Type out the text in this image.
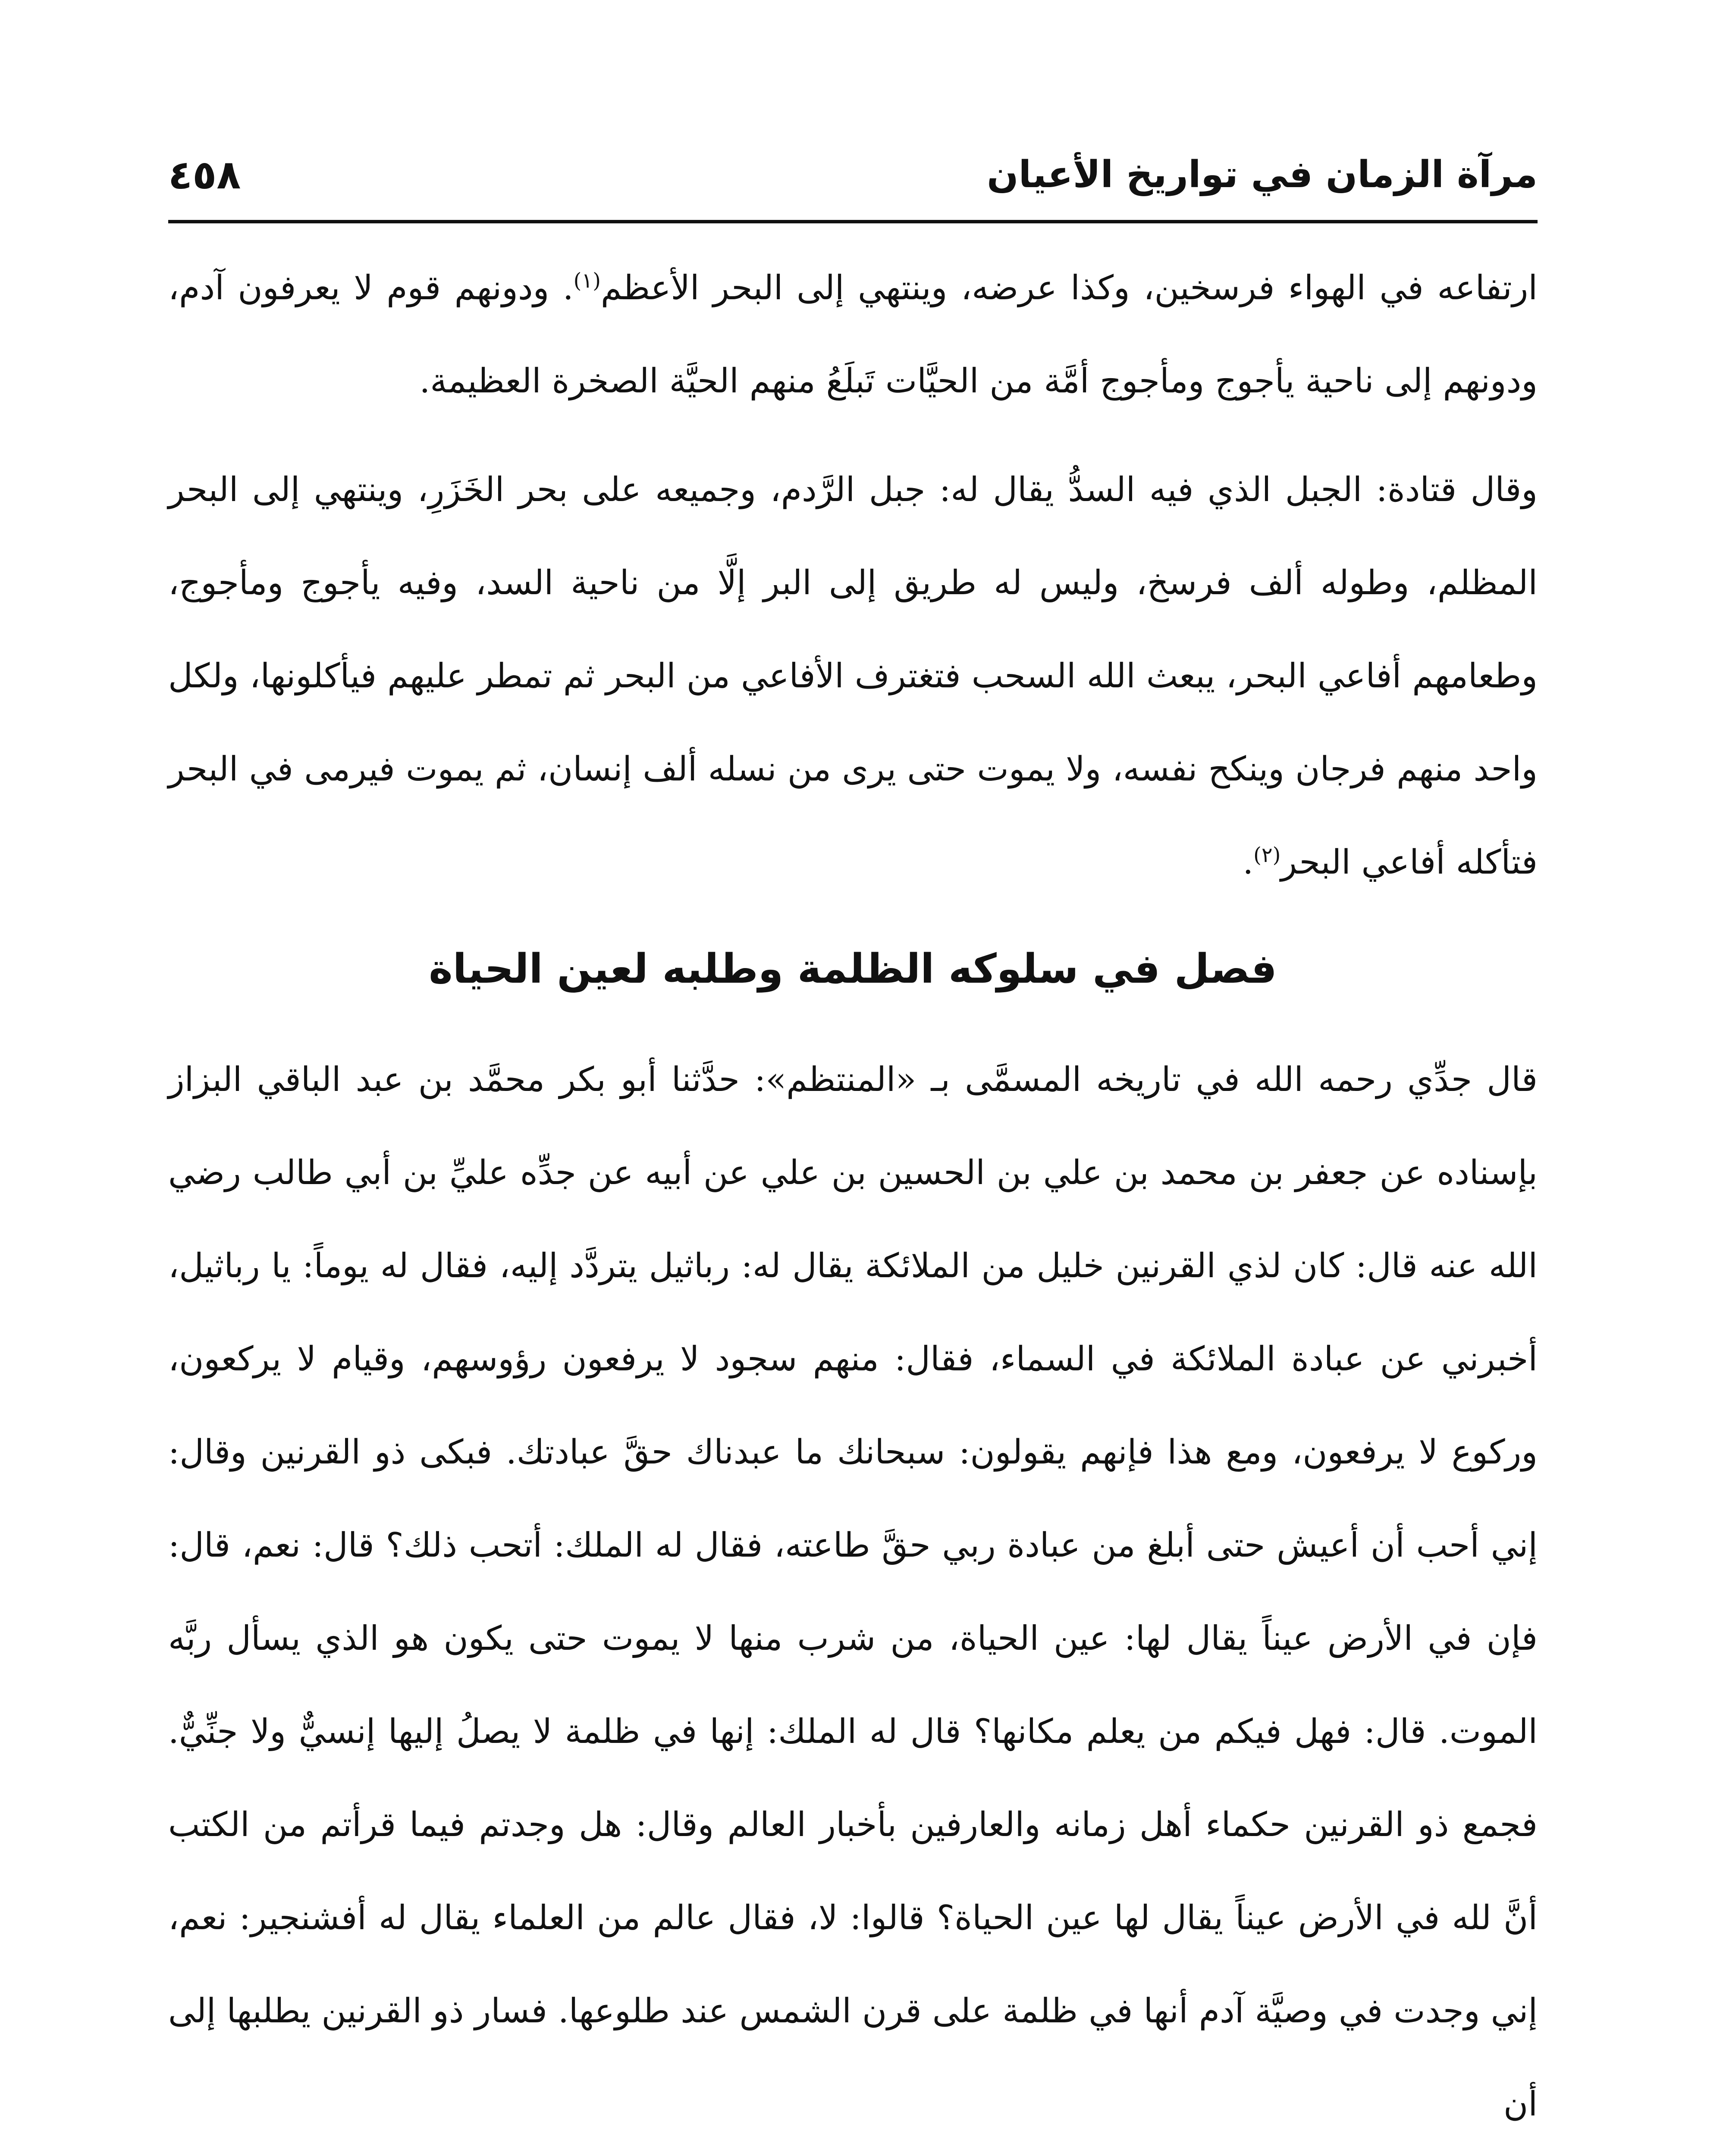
مرآة الزمان في تواريخ الأعيان
٤٥٨

ارتفاعه في الهواء فرسخين، وكذا عرضه، وينتهي إلى البحر الأعظم$^{(١)}$. ودونهم قوم لا يعرفون آدم، ودونهم إلى ناحية يأجوج ومأجوج أمَّة من الحيَّات تَبلَعُ منهم الحيَّة الصخرة العظيمة.

وقال قتادة: الجبل الذي فيه السدُّ يقال له: جبل الرَّدم، وجميعه على بحر الخَزَرِ، وينتهي إلى البحر المظلم، وطوله ألف فرسخ، وليس له طريق إلى البر إلَّا من ناحية السد، وفيه يأجوج ومأجوج، وطعامهم أفاعي البحر، يبعث الله السحب فتغترف الأفاعي من البحر ثم تمطر عليهم فيأكلونها، ولكل واحد منهم فرجان وينكح نفسه، ولا يموت حتى يرى من نسله ألف إنسان، ثم يموت فيرمى في البحر فتأكله أفاعي البحر$^{(٢)}$.

فصل في سلوكه الظلمة وطلبه لعين الحياة

قال جدِّي رحمه الله في تاريخه المسمَّى بـ «المنتظم»: حدَّثنا أبو بكر محمَّد بن عبد الباقي البزاز بإسناده عن جعفر بن محمد بن علي بن الحسين بن علي عن أبيه عن جدِّه عليِّ بن أبي طالب رضي الله عنه قال: كان لذي القرنين خليل من الملائكة يقال له: رباثيل يتردَّد إليه، فقال له يوماً: يا رباثيل، أخبرني عن عبادة الملائكة في السماء، فقال: منهم سجود لا يرفعون رؤوسهم، وقيام لا يركعون، وركوع لا يرفعون، ومع هذا فإنهم يقولون: سبحانك ما عبدناك حقَّ عبادتك. فبكى ذو القرنين وقال: إني أحب أن أعيش حتى أبلغ من عبادة ربي حقَّ طاعته، فقال له الملك: أتحب ذلك؟ قال: نعم، قال: فإن في الأرض عيناً يقال لها: عين الحياة، من شرب منها لا يموت حتى يكون هو الذي يسأل ربَّه الموت. قال: فهل فيكم من يعلم مكانها؟ قال له الملك: إنها في ظلمة لا يصلُ إليها إنسيٌّ ولا جنِّيٌّ. فجمع ذو القرنين حكماء أهل زمانه والعارفين بأخبار العالم وقال: هل وجدتم فيما قرأتم من الكتب أنَّ لله في الأرض عيناً يقال لها عين الحياة؟ قالوا: لا، فقال عالم من العلماء يقال له أفشنجير: نعم، إني وجدت في وصيَّة آدم أنها في ظلمة على قرن الشمس عند طلوعها. فسار ذو القرنين يطلبها إلى أن
